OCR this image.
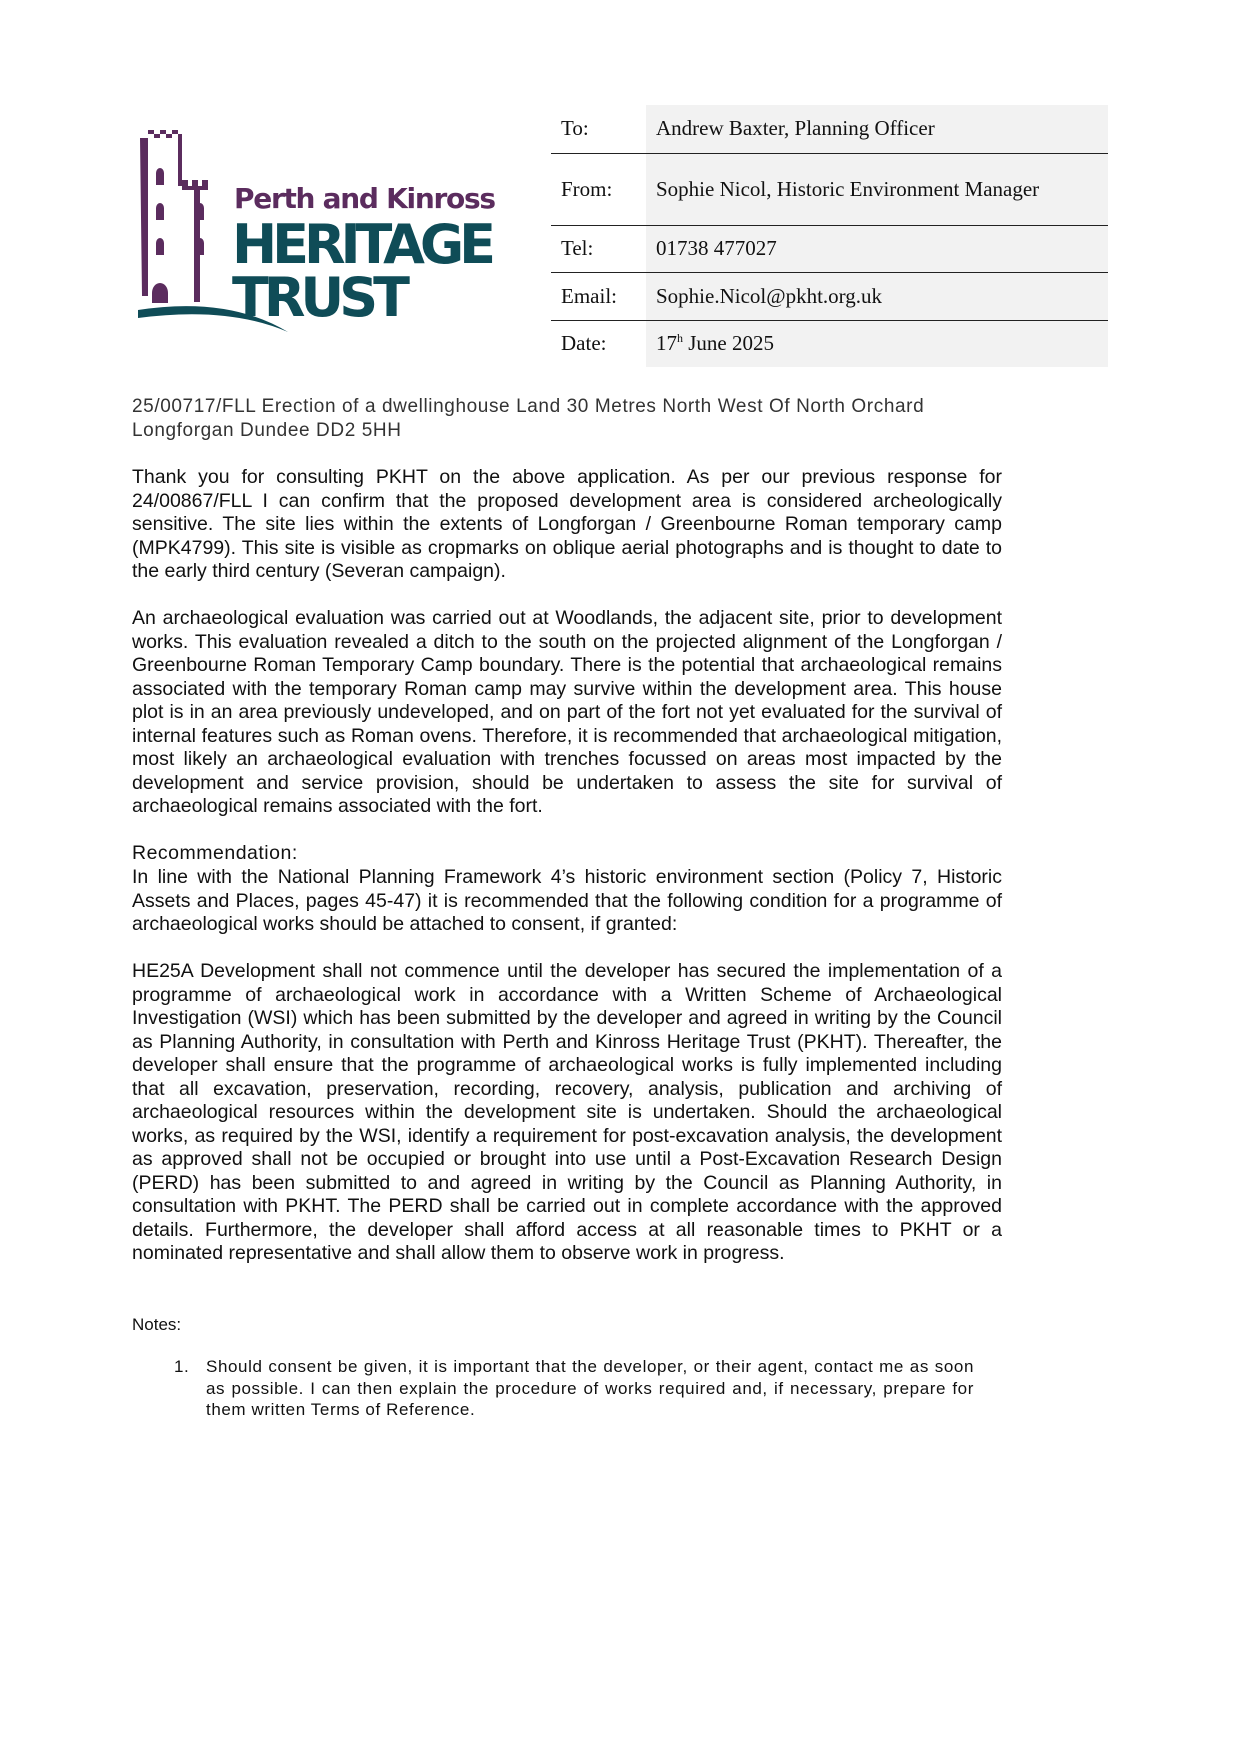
Perth and Kinross
HERITAGE
TRUST
To:	Andrew Baxter, Planning Officer
From:	Sophie Nicol, Historic Environment Manager
Tel:	01738 477027
Email:	Sophie.Nicol@pkht.org.uk
Date:	17$^h$ June 2025
25/00717/FLL Erection of a dwellinghouse Land 30 Metres North West Of North Orchard Longforgan Dundee DD2 5HH
Thank you for consulting PKHT on the above application. As per our previous response for 24/00867/FLL I can confirm that the proposed development area is considered archeologically sensitive. The site lies within the extents of Longforgan / Greenbourne Roman temporary camp (MPK4799). This site is visible as cropmarks on oblique aerial photographs and is thought to date to the early third century (Severan campaign).
An archaeological evaluation was carried out at Woodlands, the adjacent site, prior to development works. This evaluation revealed a ditch to the south on the projected alignment of the Longforgan / Greenbourne Roman Temporary Camp boundary. There is the potential that archaeological remains associated with the temporary Roman camp may survive within the development area. This house plot is in an area previously undeveloped, and on part of the fort not yet evaluated for the survival of internal features such as Roman ovens. Therefore, it is recommended that archaeological mitigation, most likely an archaeological evaluation with trenches focussed on areas most impacted by the development and service provision, should be undertaken to assess the site for survival of archaeological remains associated with the fort.
Recommendation:
In line with the National Planning Framework 4’s historic environment section (Policy 7, Historic Assets and Places, pages 45-47) it is recommended that the following condition for a programme of archaeological works should be attached to consent, if granted:
HE25A Development shall not commence until the developer has secured the implementation of a programme of archaeological work in accordance with a Written Scheme of Archaeological Investigation (WSI) which has been submitted by the developer and agreed in writing by the Council as Planning Authority, in consultation with Perth and Kinross Heritage Trust (PKHT). Thereafter, the developer shall ensure that the programme of archaeological works is fully implemented including that all excavation, preservation, recording, recovery, analysis, publication and archiving of archaeological resources within the development site is undertaken. Should the archaeological works, as required by the WSI, identify a requirement for post-excavation analysis, the development as approved shall not be occupied or brought into use until a Post-Excavation Research Design (PERD) has been submitted to and agreed in writing by the Council as Planning Authority, in consultation with PKHT. The PERD shall be carried out in complete accordance with the approved details. Furthermore, the developer shall afford access at all reasonable times to PKHT or a nominated representative and shall allow them to observe work in progress.
Notes:
1. Should consent be given, it is important that the developer, or their agent, contact me as soon as possible. I can then explain the procedure of works required and, if necessary, prepare for them written Terms of Reference.
